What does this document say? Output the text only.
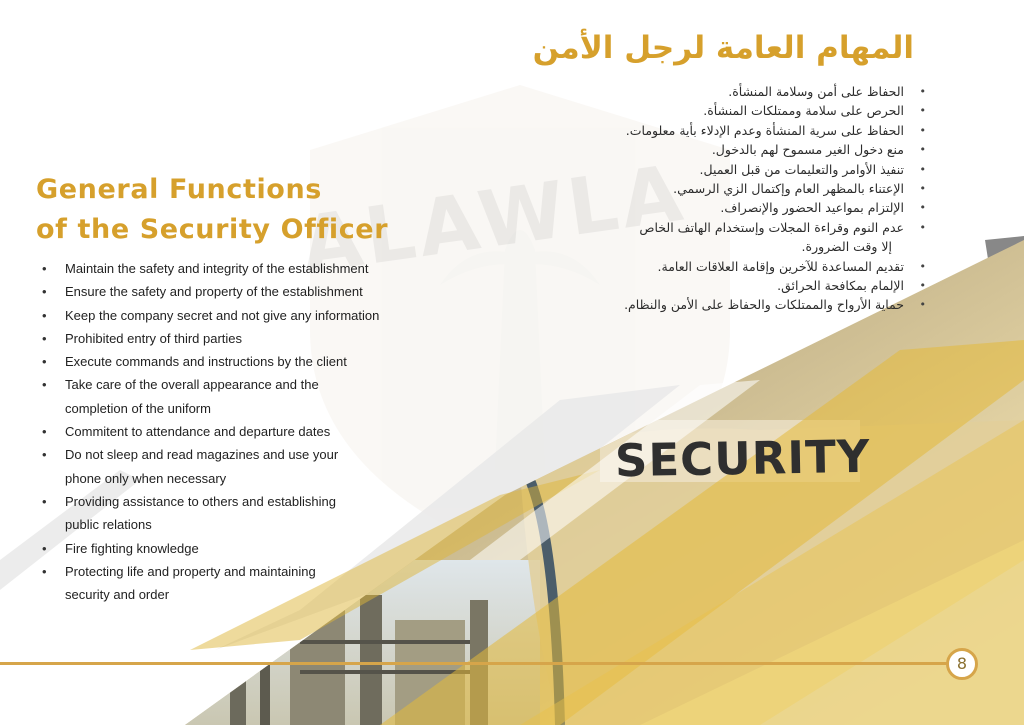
ALAWLA
SECURITY
المهام العامة لرجل الأمن
• الحفاظ على أمن وسلامة المنشأة.
• الحرص على سلامة وممتلكات المنشأة.
• الحفاظ على سرية المنشأة وعدم الإدلاء بأية معلومات.
• منع دخول الغير مسموح لهم بالدخول.
• تنفيذ الأوامر والتعليمات من قبل العميل.
• الإعتناء بالمظهر العام وإكتمال الزي الرسمي.
• الإلتزام بمواعيد الحضور والإنصراف.
• عدم النوم وقراءة المجلات وإستخدام الهاتف الخاص
إلا وقت الضرورة.
• تقديم المساعدة للآخرين وإقامة العلاقات العامة.
• الإلمام بمكافحة الحرائق.
• حماية الأرواح والممتلكات والحفاظ على الأمن والنظام.
General Functions
of the Security Officer
• Maintain the safety and integrity of the establishment
• Ensure the safety and property of the establishment
• Keep the company secret and not give any information
• Prohibited entry of third parties
• Execute commands and instructions by the client
• Take care of the overall appearance and the
completion of the uniform
• Commitent to attendance and departure dates
• Do not sleep and read magazines and use your
phone only when necessary
• Providing assistance to others and establishing
public relations
• Fire fighting knowledge
• Protecting life and property and maintaining
security and order
8
